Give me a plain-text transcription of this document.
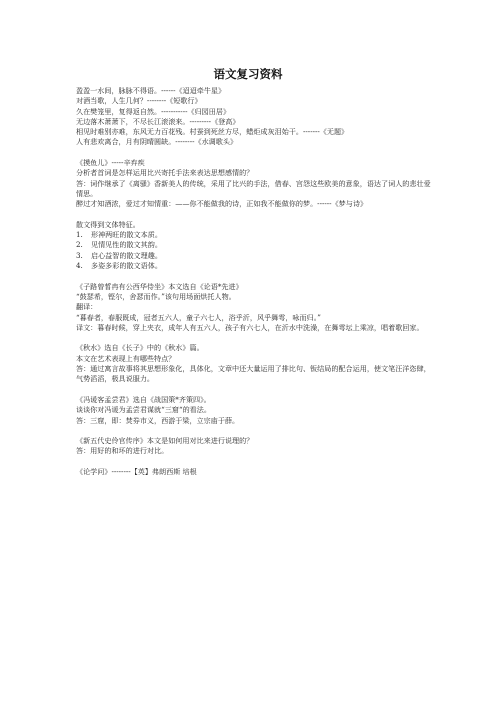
语文复习资料

盈盈一水间，脉脉不得语。------《迢迢牵牛星》

对酒当歌，人生几何？--------《短歌行》

久在樊笼里，复得返自然。-----------《归园田居》

无边落木萧萧下，不尽长江滚滚来。---------《登高》

相见时难别亦难，东风无力百花残。村蚕到死丝方尽，蜡炬成灰泪始干。-------《无题》

人有悲欢离合，月有阴晴圆缺。--------《水调歌头》

《摸鱼儿》-----辛弃疾

分析者首词是怎样运用比兴寄托手法来表达思想感情的？

答：词作继承了《离骚》香新美人的传统，采用了比兴的手法，借春、宫怨这些欧美的意象，语达了词人的悲壮爱情思。

醉过才知酒浓，爱过才知情重：——你不能做我的诗，正如我不能做你的梦。------《梦与诗》

散文得到文体特征。

1. 形神两旺的散文本质。

2. 见情见性的散文其韵。

3. 启心益智的散文理趣。

4. 多姿多彩的散文语体。

《子路曾皙冉有公西华侍坐》本文选自《论语*先进》

“鼓瑟希，铿尔，舍瑟而作。”该句用场面烘托人物。

翻译：

“暮春者，春服既成，冠者五六人，童子六七人，浴乎沂，风乎舞雩，咏而归。”

译文：暮春时候，穿上夹衣，成年人有五六人，孩子有六七人，在沂水中洗澡，在舞雩坛上乘凉，唱着歌回家。

《秋水》选自《长子》中的《秋水》篇。

本文在艺术表现上有哪些特点？

答：通过寓言故事将其思想形象化，具体化，文章中还大量运用了排比句、钣结局的配合运用，使文笔汪洋恣肆，气势滔滔，极具说服力。

《冯谖客孟尝君》选自《战国策*齐策四》。

谈谈你对冯谖为孟尝君谋就“三窟“的看法。

答：三窟，即：焚券市义，西游于梁，立宗庙于薛。

《新五代史伶官传序》本文是如何用对比来进行说理的？

答：用好的和坏的进行对比。

《论学问》--------【英】弗朗西斯 培根
